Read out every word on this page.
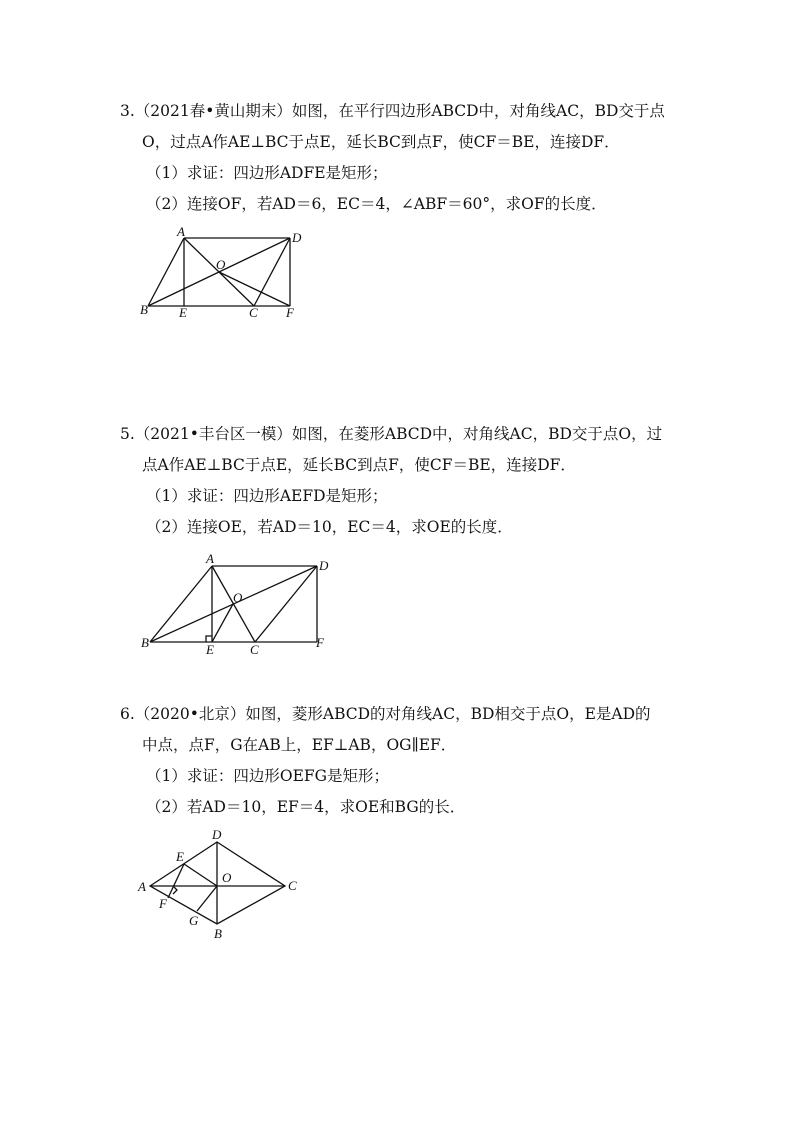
3.（2021春•黄山期末）如图，在平行四边形ABCD中，对角线AC，BD交于点
O，过点A作AE⊥BC于点E，延长BC到点F，使CF＝BE，连接DF．
（1）求证：四边形ADFE是矩形；
（2）连接OF，若AD＝6，EC＝4，∠ABF＝60°，求OF的长度．
A	D
O
B E	C F
5.（2021•丰台区一模）如图，在菱形ABCD中，对角线AC，BD交于点O，过
点A作AE⊥BC于点E，延长BC到点F，使CF＝BE，连接DF．
（1）求证：四边形AEFD是矩形；
（2）连接OE，若AD＝10，EC＝4，求OE的长度．
A	D
O
B	E	C	F
6.（2020•北京）如图，菱形ABCD的对角线AC，BD相交于点O，E是AD的
中点，点F，G在AB上，EF⊥AB，OG∥EF．
（1）求证：四边形OEFG是矩形；
（2）若AD＝10，EF＝4，求OE和BG的长．
D
E
A
O
C
F
G
B
